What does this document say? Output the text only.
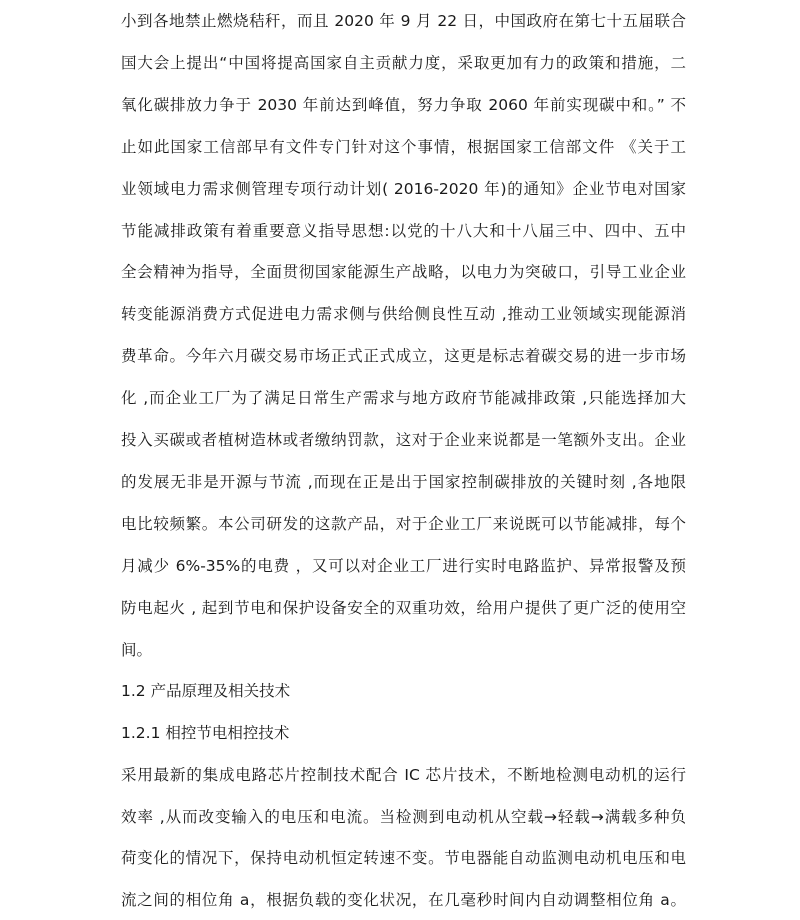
小到各地禁止燃烧秸秆，而且 2020 年 9 月 22 日，中国政府在第七十五届联合
国大会上提出“中国将提高国家自主贡献力度，采取更加有力的政策和措施，二
氧化碳排放力争于 2030 年前达到峰值，努力争取 2060 年前实现碳中和。” 不
止如此国家工信部早有文件专门针对这个事情，根据国家工信部文件 《关于工
业领域电力需求侧管理专项行动计划( 2016-2020 年)的通知》企业节电对国家
节能减排政策有着重要意义指导思想:以党的十八大和十八届三中、四中、五中
全会精神为指导，全面贯彻国家能源生产战略，以电力为突破口，引导工业企业
转变能源消费方式促进电力需求侧与供给侧良性互动 ,推动工业领域实现能源消
费革命。今年六月碳交易市场正式正式成立，这更是标志着碳交易的进一步市场
化 ,而企业工厂为了满足日常生产需求与地方政府节能减排政策 ,只能选择加大
投入买碳或者植树造林或者缴纳罚款，这对于企业来说都是一笔额外支出。企业
的发展无非是开源与节流 ,而现在正是出于国家控制碳排放的关键时刻 ,各地限
电比较频繁。本公司研发的这款产品，对于企业工厂来说既可以节能减排，每个
月减少 6%-35%的电费 ，又可以对企业工厂进行实时电路监护、异常报警及预
防电起火 , 起到节电和保护设备安全的双重功效，给用户提供了更广泛的使用空
间。
1.2 产品原理及相关技术
1.2.1 相控节电相控技术
采用最新的集成电路芯片控制技术配合 IC 芯片技术，不断地检测电动机的运行
效率 ,从而改变输入的电压和电流。当检测到电动机从空载→轻载→满载多种负
荷变化的情况下，保持电动机恒定转速不变。节电器能自动监测电动机电压和电
流之间的相位角 a，根据负载的变化状况，在几毫秒时间内自动调整相位角 a。
